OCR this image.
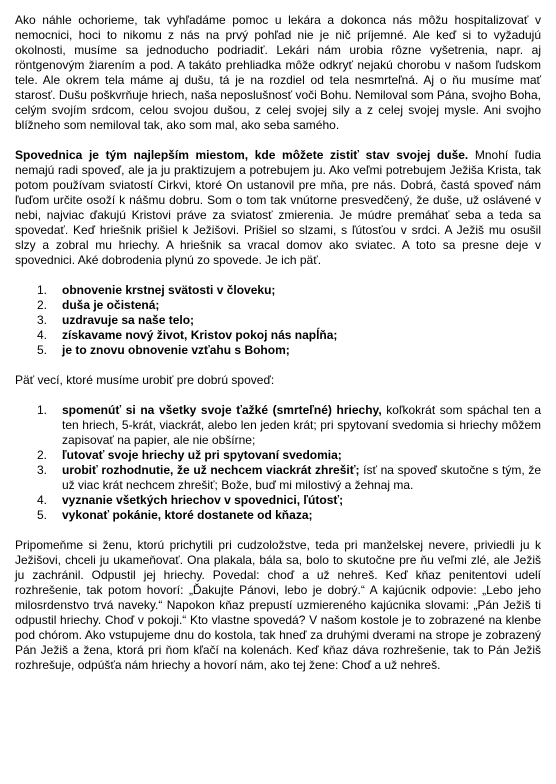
Ako náhle ochorieme, tak vyhľadáme pomoc u lekára a dokonca nás môžu hospitalizovať v nemocnici, hoci to nikomu z nás na prvý pohľad nie je nič príjemné. Ale keď si to vyžadujú okolnosti, musíme sa jednoducho podriadiť. Lekári nám urobia rôzne vyšetrenia, napr. aj röntgenovým žiarením a pod. A takáto prehliadka môže odkryť nejakú chorobu v našom ľudskom tele. Ale okrem tela máme aj dušu, tá je na rozdiel od tela nesmrteľná. Aj o ňu musíme mať starosť. Dušu poškvrňuje hriech, naša neposlušnosť voči Bohu. Nemiloval som Pána, svojho Boha, celým svojím srdcom, celou svojou dušou, z celej svojej sily a z celej svojej mysle. Ani svojho blížneho som nemiloval tak, ako som mal, ako seba samého.

Spovednica je tým najlepším miestom, kde môžete zistiť stav svojej duše. Mnohí ľudia nemajú radi spoveď, ale ja ju praktizujem a potrebujem ju. Ako veľmi potrebujem Ježiša Krista, tak potom používam sviatostí Cirkvi, ktoré On ustanovil pre mňa, pre nás. Dobrá, častá spoveď nám ľuďom určite osoží k nášmu dobru. Som o tom tak vnútorne presvedčený, že duše, už oslávené v nebi, najviac ďakujú Kristovi práve za sviatosť zmierenia. Je múdre premáhať seba a teda sa spovedať. Keď hriešnik prišiel k Ježišovi. Prišiel so slzami, s ľútosťou v srdci. A Ježiš mu osušil slzy a zobral mu hriechy. A hriešnik sa vracal domov ako sviatec. A toto sa presne deje v spovednici. Aké dobrodenia plynú zo spovede. Je ich päť.

1. obnovenie krstnej svätosti v človeku;
2. duša je očistená;
3. uzdravuje sa naše telo;
4. získavame nový život, Kristov pokoj nás napĺňa;
5. je to znovu obnovenie vzťahu s Bohom;

Päť vecí, ktoré musíme urobiť pre dobrú spoveď:

1. spomenúť si na všetky svoje ťažké (smrteľné) hriechy, koľkokrát som spáchal ten a ten hriech, 5-krát, viackrát, alebo len jeden krát; pri spytovaní svedomia si hriechy môžem zapisovať na papier, ale nie obšírne;
2. ľutovať svoje hriechy už pri spytovaní svedomia;
3. urobiť rozhodnutie, že už nechcem viackrát zhrešiť; ísť na spoveď skutočne s tým, že už viac krát nechcem zhrešiť; Bože, buď mi milostivý a žehnaj ma.
4. vyznanie všetkých hriechov v spovednici, ľútosť;
5. vykonať pokánie, ktoré dostanete od kňaza;

Pripomeňme si ženu, ktorú prichytili pri cudzoložstve, teda pri manželskej nevere, priviedli ju k Ježišovi, chceli ju ukameňovať. Ona plakala, bála sa, bolo to skutočne pre ňu veľmi zlé, ale Ježiš ju zachránil. Odpustil jej hriechy. Povedal: choď a už nehreš. Keď kňaz penitentovi udelí rozhrešenie, tak potom hovorí: „Ďakujte Pánovi, lebo je dobrý.“ A kajúcnik odpovie: „Lebo jeho milosrdenstvo trvá naveky.“ Napokon kňaz prepustí uzmiereného kajúcnika slovami: „Pán Ježiš ti odpustil hriechy. Choď v pokoji.“ Kto vlastne spovedá? V našom kostole je to zobrazené na klenbe pod chórom. Ako vstupujeme dnu do kostola, tak hneď za druhými dverami na strope je zobrazený Pán Ježiš a žena, ktorá pri ňom kľačí na kolenách. Keď kňaz dáva rozhrešenie, tak to Pán Ježiš rozhrešuje, odpúšťa nám hriechy a hovorí nám, ako tej žene: Choď a už nehreš.
